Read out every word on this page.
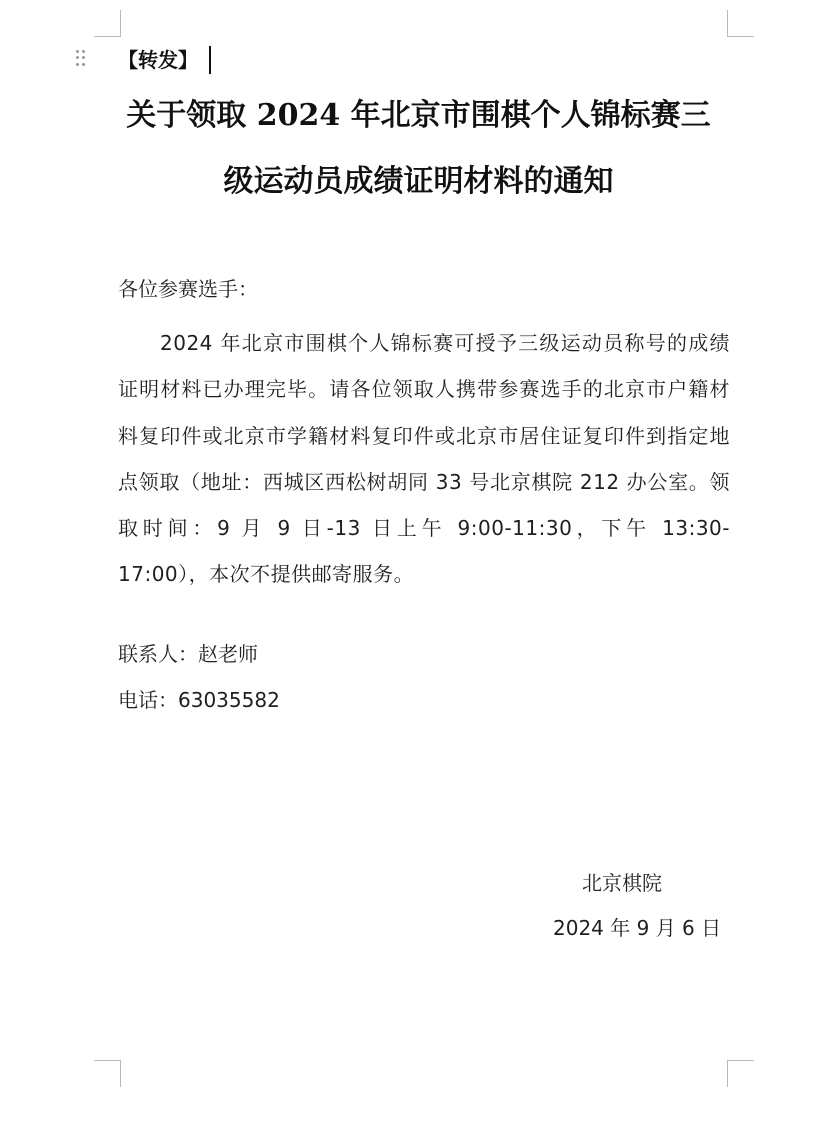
【转发】
关于领取 2024 年北京市围棋个人锦标赛三
级运动员成绩证明材料的通知
各位参赛选手：
2024 年北京市围棋个人锦标赛可授予三级运动员称号的成绩证明材料已办理完毕。请各位领取人携带参赛选手的北京市户籍材料复印件或北京市学籍材料复印件或北京市居住证复印件到指定地点领取（地址：西城区西松树胡同 33 号北京棋院 212 办公室。领取时间：9 月 9 日-13 日上午 9:00-11:30，下午 13:30-17:00），本次不提供邮寄服务。
联系人：赵老师
电话：63035582
北京棋院
2024 年 9 月 6 日
